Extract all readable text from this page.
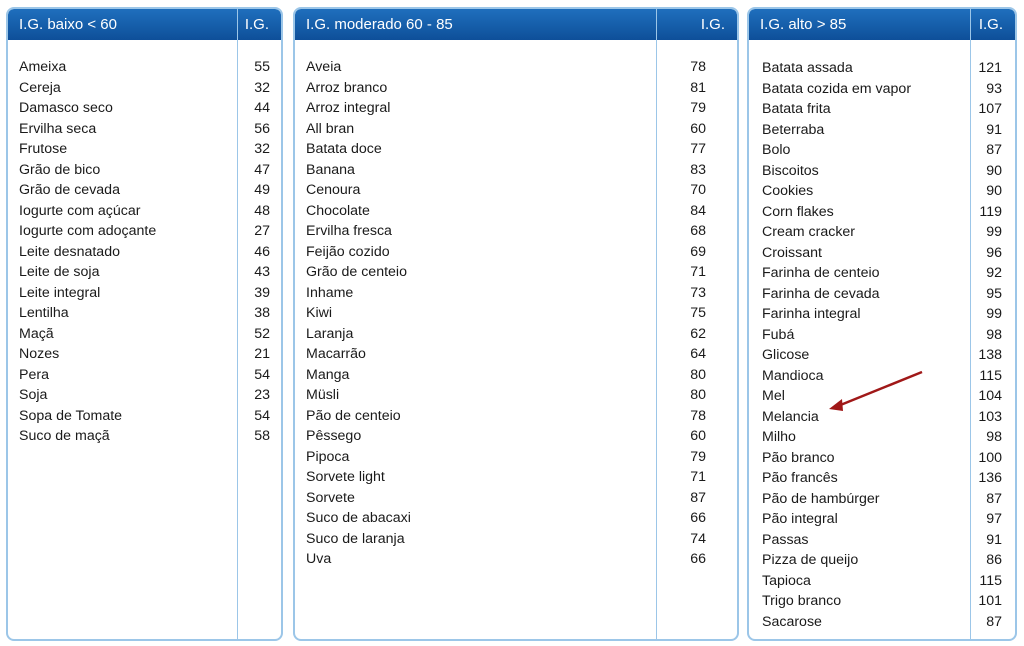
I.G. baixo < 60	I.G.
Ameixa	55
Cereja	32
Damasco seco	44
Ervilha seca	56
Frutose	32
Grão de bico	47
Grão de cevada	49
Iogurte com açúcar	48
Iogurte com adoçante	27
Leite desnatado	46
Leite de soja	43
Leite integral	39
Lentilha	38
Maçã	52
Nozes	21
Pera	54
Soja	23
Sopa de Tomate	54
Suco de maçã	58
I.G. moderado 60 - 85	I.G.
Aveia	78
Arroz branco	81
Arroz integral	79
All bran	60
Batata doce	77
Banana	83
Cenoura	70
Chocolate	84
Ervilha fresca	68
Feijão cozido	69
Grão de centeio	71
Inhame	73
Kiwi	75
Laranja	62
Macarrão	64
Manga	80
Müsli	80
Pão de centeio	78
Pêssego	60
Pipoca	79
Sorvete light	71
Sorvete	87
Suco de abacaxi	66
Suco de laranja	74
Uva	66
I.G. alto > 85	I.G.
Batata assada	121
Batata cozida em vapor	93
Batata frita	107
Beterraba	91
Bolo	87
Biscoitos	90
Cookies	90
Corn flakes	119
Cream cracker	99
Croissant	96
Farinha de centeio	92
Farinha de cevada	95
Farinha integral	99
Fubá	98
Glicose	138
Mandioca	115
Mel	104
Melancia	103
Milho	98
Pão branco	100
Pão francês	136
Pão de hambúrger	87
Pão integral	97
Passas	91
Pizza de queijo	86
Tapioca	115
Trigo branco	101
Sacarose	87
